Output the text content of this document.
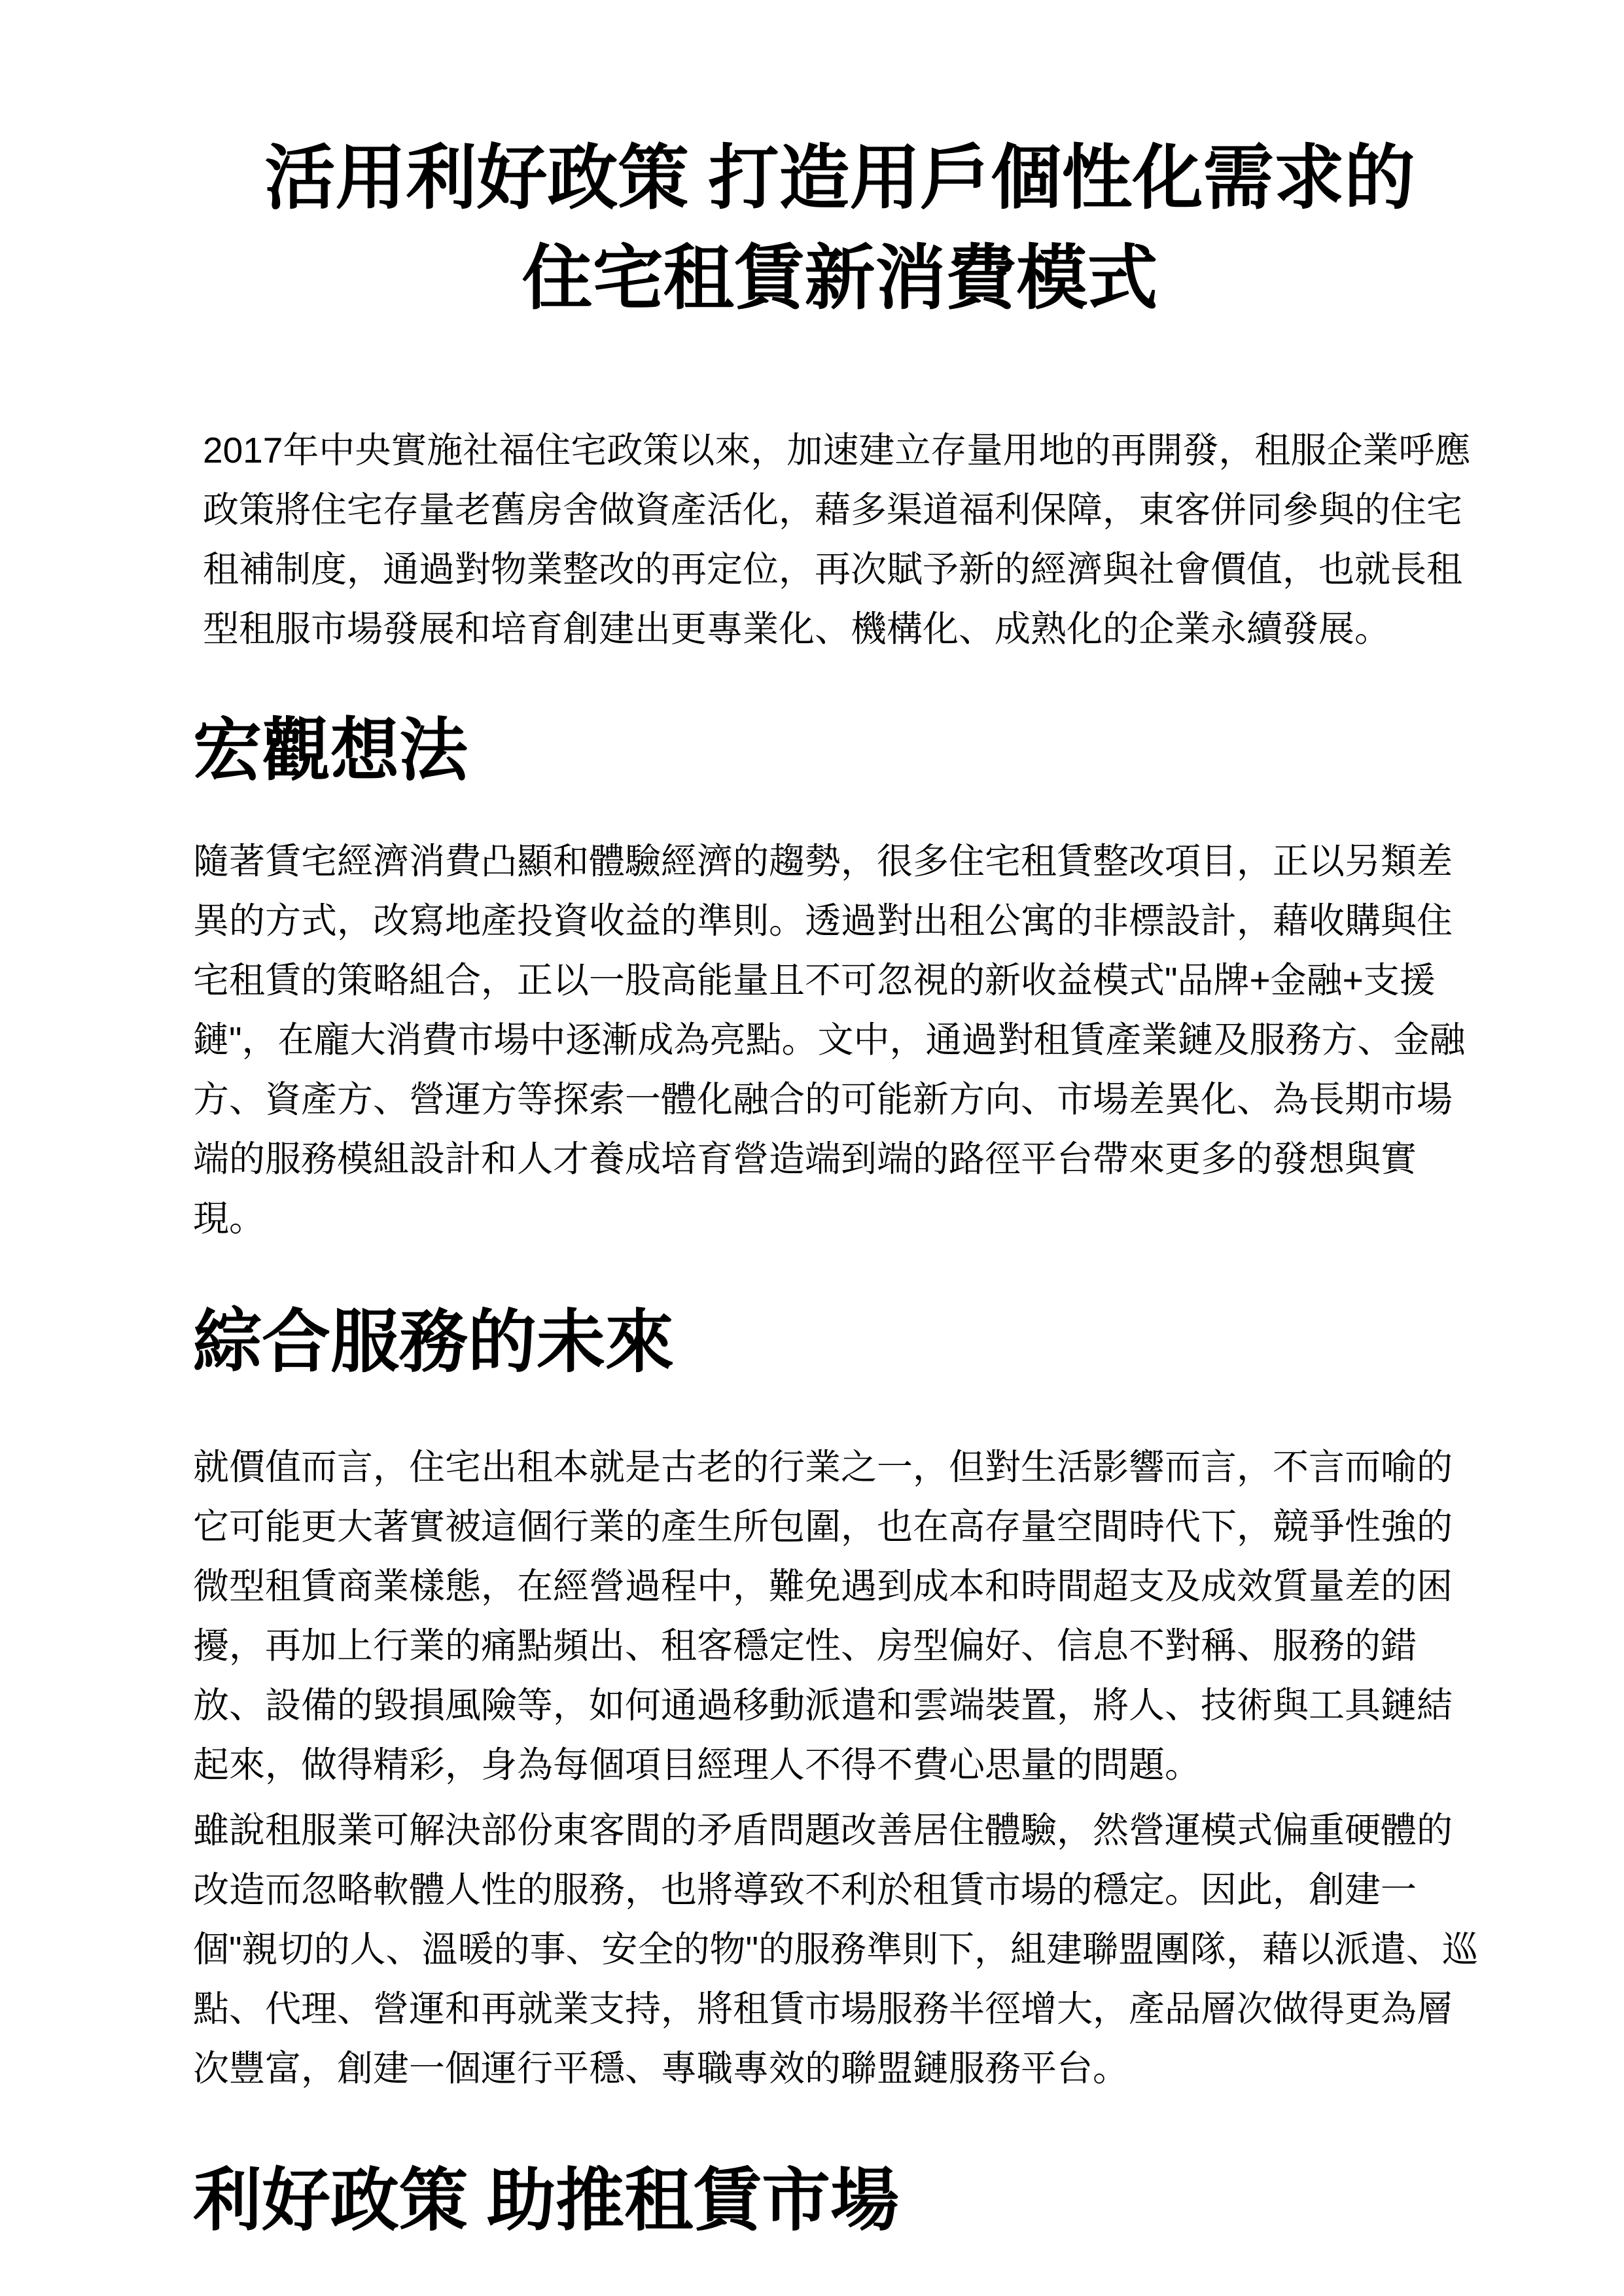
活用利好政策 打造用戶個性化需求的住宅租賃新消費模式

2017年中央實施社福住宅政策以來，加速建立存量用地的再開發，租服企業呼應政策將住宅存量老舊房舍做資產活化，藉多渠道福利保障，東客併同參與的住宅租補制度，通過對物業整改的再定位，再次賦予新的經濟與社會價值，也就長租型租服市場發展和培育創建出更專業化、機構化、成熟化的企業永續發展。

宏觀想法

隨著賃宅經濟消費凸顯和體驗經濟的趨勢，很多住宅租賃整改項目，正以另類差異的方式，改寫地產投資收益的準則。透過對出租公寓的非標設計，藉收購與住宅租賃的策略組合，正以一股高能量且不可忽視的新收益模式"品牌+金融+支援鏈"，在龐大消費市場中逐漸成為亮點。文中，通過對租賃產業鏈及服務方、金融方、資產方、營運方等探索一體化融合的可能新方向、市場差異化、為長期市場端的服務模組設計和人才養成培育營造端到端的路徑平台帶來更多的發想與實現。

綜合服務的未來

就價值而言，住宅出租本就是古老的行業之一，但對生活影響而言，不言而喻的它可能更大著實被這個行業的產生所包圍，也在高存量空間時代下，競爭性強的微型租賃商業樣態，在經營過程中，難免遇到成本和時間超支及成效質量差的困擾，再加上行業的痛點頻出、租客穩定性、房型偏好、信息不對稱、服務的錯放、設備的毀損風險等，如何通過移動派遣和雲端裝置，將人、技術與工具鏈結起來，做得精彩，身為每個項目經理人不得不費心思量的問題。

雖說租服業可解決部份東客間的矛盾問題改善居住體驗，然營運模式偏重硬體的改造而忽略軟體人性的服務，也將導致不利於租賃市場的穩定。因此，創建一個"親切的人、溫暖的事、安全的物"的服務準則下，組建聯盟團隊，藉以派遣、巡點、代理、營運和再就業支持，將租賃市場服務半徑增大，產品層次做得更為層次豐富，創建一個運行平穩、專職專效的聯盟鏈服務平台。

利好政策 助推租賃市場
